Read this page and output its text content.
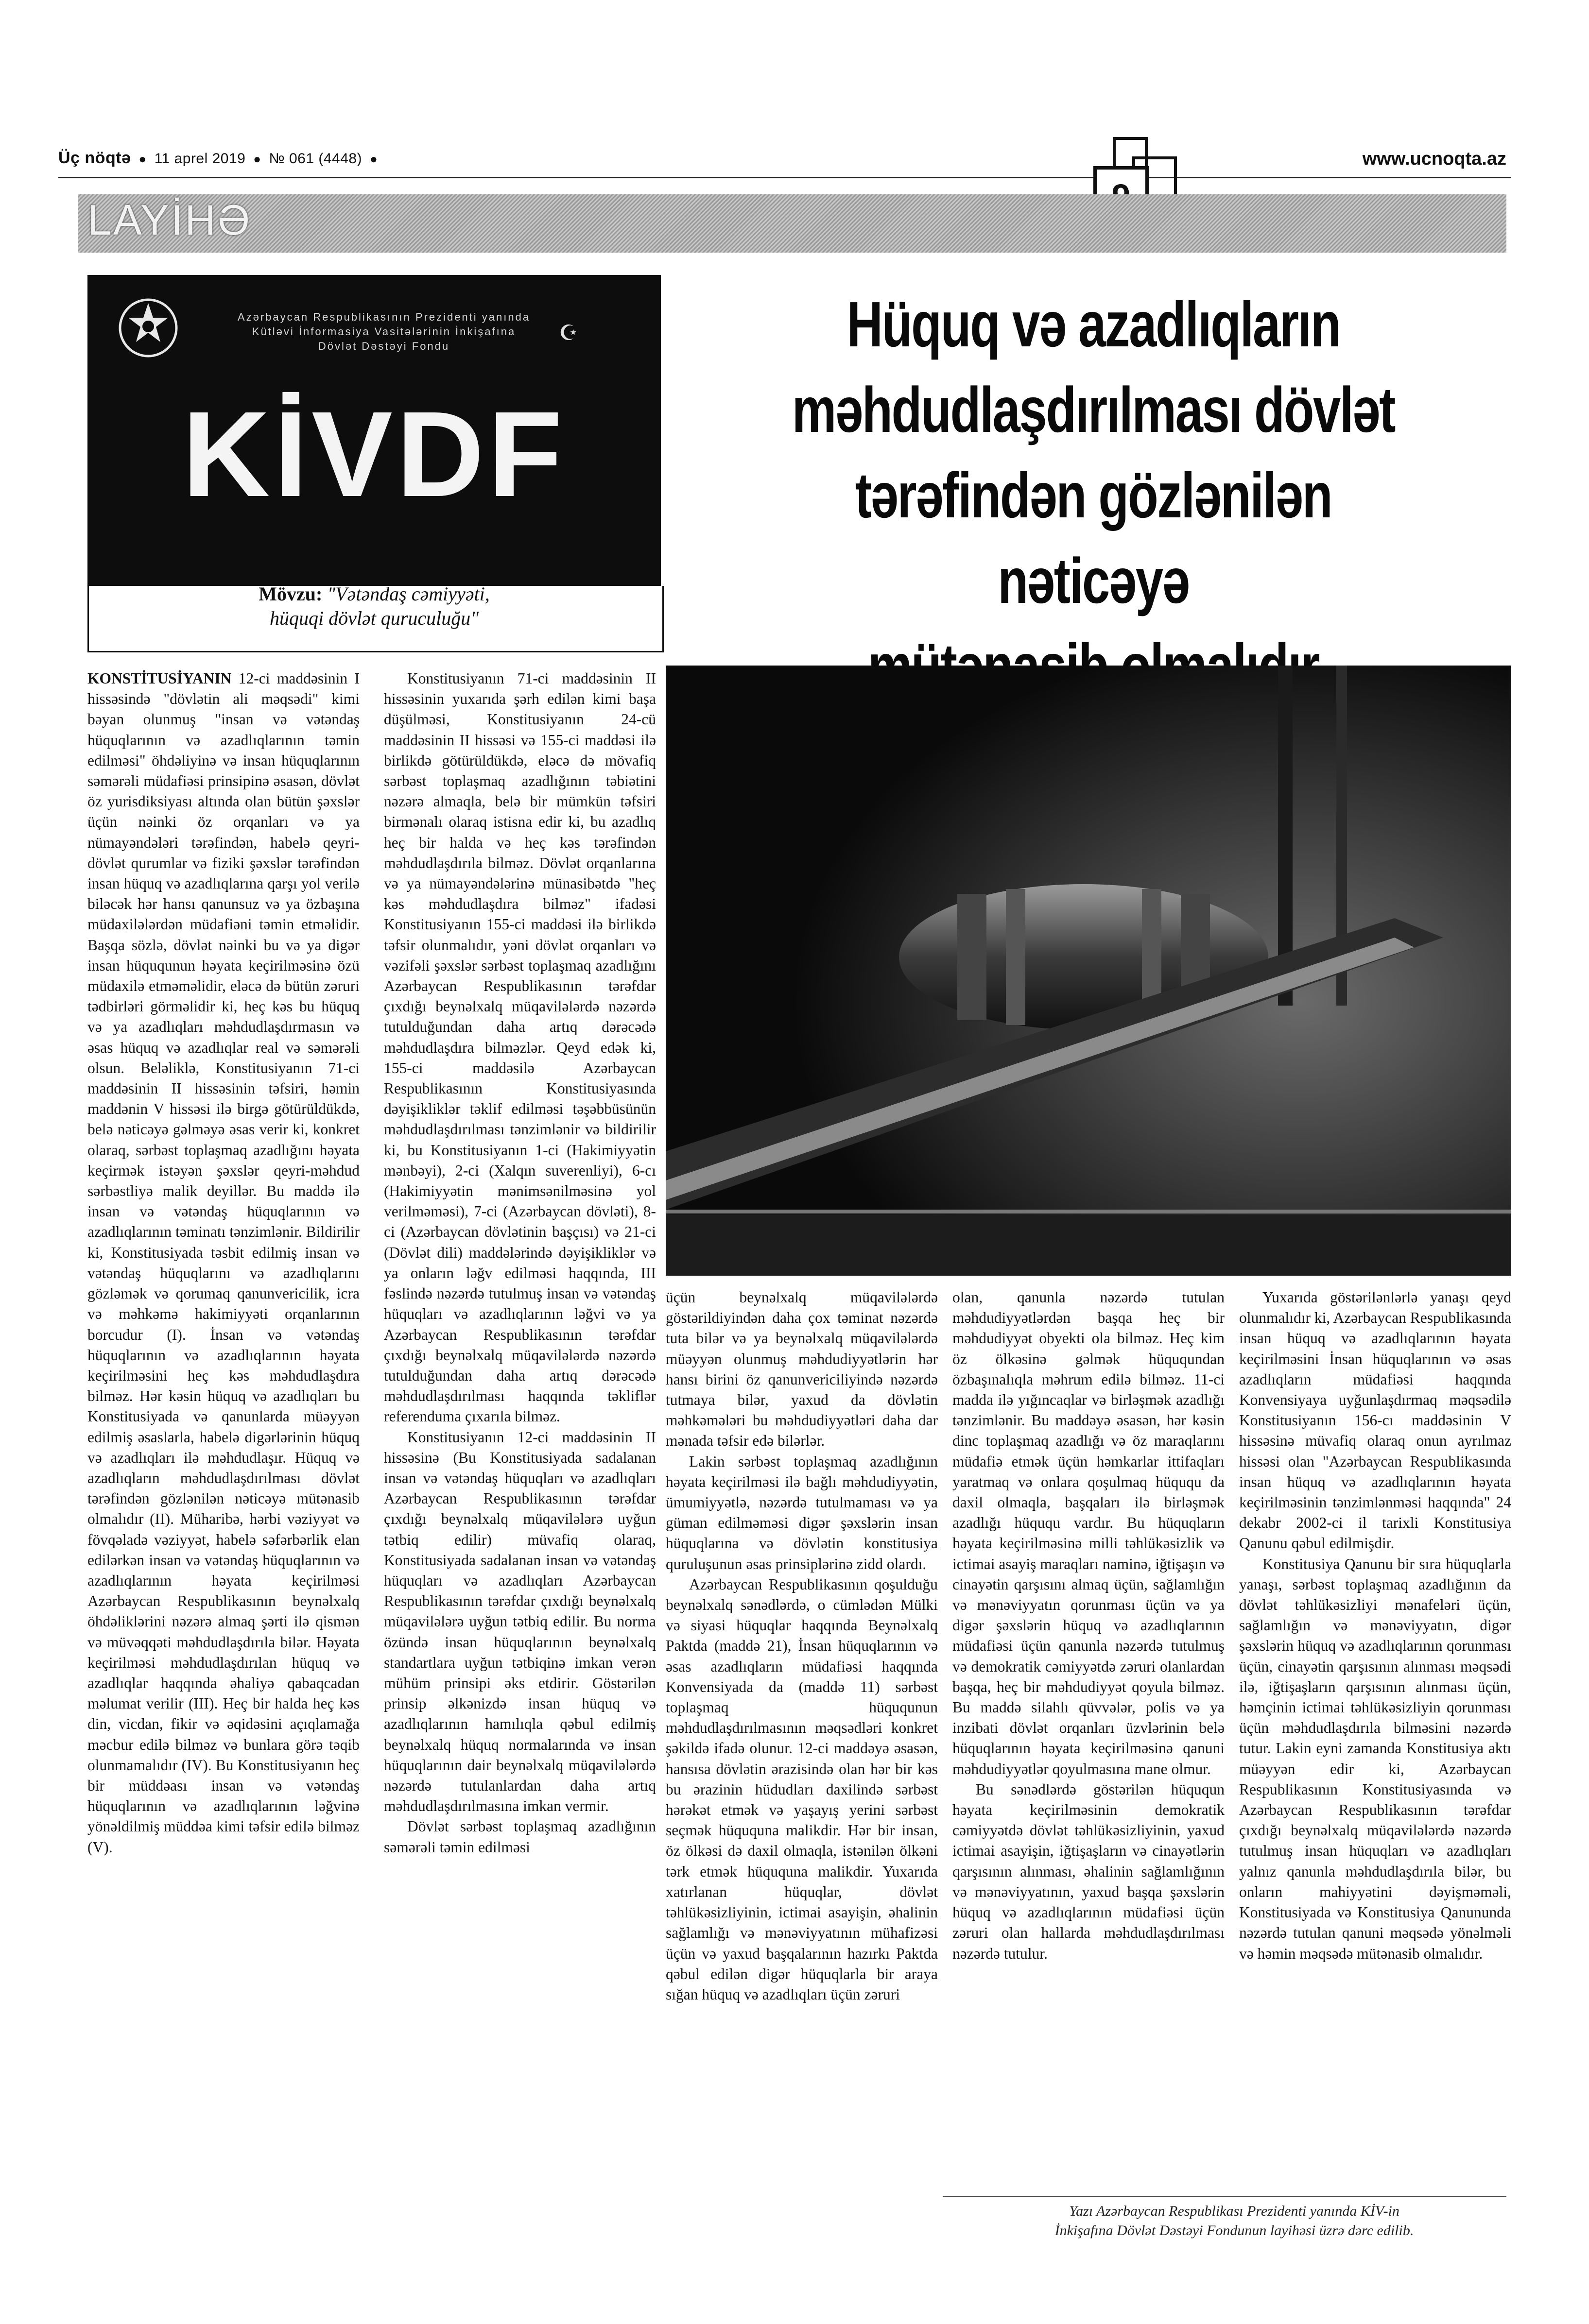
Üç nöqtə ● 11 aprel 2019 ● № 061 (4448) ●	www.ucnoqta.az
LAYİHƏ
Azərbaycan Respublikasının Prezidenti yanında
Kütləvi İnformasiya Vasitələrinin İnkişafına
Dövlət Dəstəyi Fondu
☪
KİVDF
Mövzu: "Vətəndaş cəmiyyəti,
hüquqi dövlət quruculuğu"
Hüquq və azadlıqların
məhdudlaşdırılması dövlət
tərəfindən gözlənilən nəticəyə

KONSTİTUSİYANIN 12-ci maddəsinin I hissəsində "dövlətin ali məqsədi" kimi bəyan olunmuş "insan və vətəndaş hüquqlarının və azadlıqlarının təmin edilməsi" öhdəliyinə və insan hüquqlarının səmərəli müdafiəsi prinsipinə əsasən, dövlət öz yurisdiksiyası altında olan bütün şəxslər üçün nəinki öz orqanları və ya nümayəndələri tərəfindən, habelə qeyri-dövlət qurumlar və fiziki şəxslər tərəfindən insan hüquq və azadlıqlarına qarşı yol verilə biləcək hər hansı qanunsuz və ya özbaşına müdaxilələrdən müdafiəni təmin etməlidir. Başqa sözlə, dövlət nəinki bu və ya digər insan hüququnun həyata keçirilməsinə özü müdaxilə etməməlidir, eləcə də bütün zəruri tədbirləri görməlidir ki, heç kəs bu hüquq və ya azadlıqları məhdudlaşdırmasın və əsas hüquq və azadlıqlar real və səmərəli olsun. Beləliklə, Konstitusiyanın 71-ci maddəsinin II hissəsinin təfsiri, həmin maddənin V hissəsi ilə birgə götürüldükdə, belə nəticəyə gəlməyə əsas verir ki, konkret olaraq, sərbəst toplaşmaq azadlığını həyata keçirmək istəyən şəxslər qeyri-məhdud sərbəstliyə malik deyillər. Bu maddə ilə insan və vətəndaş hüquqlarının və azadlıqlarının təminatı tənzimlənir. Bildirilir ki, Konstitusiyada təsbit edilmiş insan və vətəndaş hüquqlarını və azadlıqlarını gözləmək və qorumaq qanunvericilik, icra və məhkəmə hakimiyyəti orqanlarının borcudur (I). İnsan və vətəndaş hüquqlarının və azadlıqlarının həyata keçirilməsini heç kəs məhdudlaşdıra bilməz. Hər kəsin hüquq və azadlıqları bu Konstitusiyada və qanunlarda müəyyən edilmiş əsaslarla, habelə digərlərinin hüquq və azadlıqları ilə məhdudlaşır. Hüquq və azadlıqların məhdudlaşdırılması dövlət tərəfindən gözlənilən nəticəyə mütənasib olmalıdır (II). Müharibə, hərbi vəziyyət və fövqəladə vəziyyət, habelə səfərbərlik elan edilərkən insan və vətəndaş hüquqlarının və azadlıqlarının həyata keçirilməsi Azərbaycan Respublikasının beynəlxalq öhdəliklərini nəzərə almaq şərti ilə qismən və müvəqqəti məhdudlaşdırıla bilər. Həyata keçirilməsi məhdudlaşdırılan hüquq və azadlıqlar haqqında əhaliyə qabaqcadan məlumat verilir (III). Heç bir halda heç kəs din, vicdan, fikir və əqidəsini açıqlamağa məcbur edilə bilməz və bunlara görə təqib olunmamalıdır (IV). Bu Konstitusiyanın heç bir müddəası insan və vətəndaş hüquqlarının və azadlıqlarının ləğvinə yönəldilmiş müddəa kimi təfsir edilə bilməz (V).

Konstitusiyanın 71-ci maddəsinin II hissəsinin yuxarıda şərh edilən kimi başa düşülməsi, Konstitusiyanın 24-cü maddəsinin II hissəsi və 155-ci maddəsi ilə birlikdə götürüldükdə, eləcə də mövafiq sərbəst toplaşmaq azadlığının təbiətini nəzərə almaqla, belə bir mümkün təfsiri birmənalı olaraq istisna edir ki, bu azadlıq heç bir halda və heç kəs tərəfindən məhdudlaşdırıla bilməz. Dövlət orqanlarına və ya nümayəndələrinə münasibətdə "heç kəs məhdudlaşdıra bilməz" ifadəsi Konstitusiyanın 155-ci maddəsi ilə birlikdə təfsir olunmalıdır, yəni dövlət orqanları və vəzifəli şəxslər sərbəst toplaşmaq azadlığını Azərbaycan Respublikasının tərəfdar çıxdığı beynəlxalq müqavilələrdə nəzərdə tutulduğundan daha artıq dərəcədə məhdudlaşdıra bilməzlər. Qeyd edək ki, 155-ci maddəsilə Azərbaycan Respublikasının Konstitusiyasında dəyişikliklər təklif edilməsi təşəbbüsünün məhdudlaşdırılması tənzimlənir və bildirilir ki, bu Konstitusiyanın 1-ci (Hakimiyyətin mənbəyi), 2-ci (Xalqın suverenliyi), 6-cı (Hakimiyyətin mənimsənilməsinə yol verilməməsi), 7-ci (Azərbaycan dövləti), 8-ci (Azərbaycan dövlətinin başçısı) və 21-ci (Dövlət dili) maddələrində dəyişikliklər və ya onların ləğv edilməsi haqqında, III fəslində nəzərdə tutulmuş insan və vətəndaş hüquqları və azadlıqlarının ləğvi və ya Azərbaycan Respublikasının tərəfdar çıxdığı beynəlxalq müqavilələrdə nəzərdə tutulduğundan daha artıq dərəcədə məhdudlaşdırılması haqqında təkliflər referenduma çıxarıla bilməz.

Konstitusiyanın 12-ci maddəsinin II hissəsinə (Bu Konstitusiyada sadalanan insan və vətəndaş hüquqları və azadlıqları Azərbaycan Respublikasının tərəfdar çıxdığı beynəlxalq müqavilələrə uyğun tətbiq edilir) müvafiq olaraq, Konstitusiyada sadalanan insan və vətəndaş hüquqları və azadlıqları Azərbaycan Respublikasının tərəfdar çıxdığı beynəlxalq müqavilələrə uyğun tətbiq edilir. Bu norma özündə insan hüquqlarının beynəlxalq standartlara uyğun tətbiqinə imkan verən mühüm prinsipi əks etdirir. Göstərilən prinsip əlkənizdə insan hüquq və azadlıqlarının hamılıqla qəbul edilmiş beynəlxalq hüquq normalarında və insan hüquqlarının dair beynəlxalq müqavilələrdə nəzərdə tutulanlardan daha artıq məhdudlaşdırılmasına imkan vermir.

Dövlət sərbəst toplaşmaq azadlığının səmərəli təmin edilməsi

üçün beynəlxalq müqavilələrdə göstərildiyindən daha çox təminat nəzərdə tuta bilər və ya beynəlxalq müqavilələrdə müəyyən olunmuş məhdudiyyətlərin hər hansı birini öz qanunvericiliyində nəzərdə tutmaya bilər, yaxud da dövlətin məhkəmələri bu məhdudiyyətləri daha dar mənada təfsir edə bilərlər.

Lakin sərbəst toplaşmaq azadlığının həyata keçirilməsi ilə bağlı məhdudiyyətin, ümumiyyətlə, nəzərdə tutulmaması və ya güman edilməməsi digər şəxslərin insan hüquqlarına və dövlətin konstitusiya quruluşunun əsas prinsiplərinə zidd olardı.

Azərbaycan Respublikasının qoşulduğu beynəlxalq sənədlərdə, o cümlədən Mülki və siyasi hüquqlar haqqında Beynəlxalq Paktda (maddə 21), İnsan hüquqlarının və əsas azadlıqların müdafiəsi haqqında Konvensiyada da (maddə 11) sərbəst toplaşmaq hüququnun məhdudlaşdırılmasının məqsədləri konkret şəkildə ifadə olunur. 12-ci maddəyə əsasən, hansısa dövlətin ərazisində olan hər bir kəs bu ərazinin hüdudları daxilində sərbəst hərəkət etmək və yaşayış yerini sərbəst seçmək hüququna malikdir. Hər bir insan, öz ölkəsi də daxil olmaqla, istənilən ölkəni tərk etmək hüququna malikdir. Yuxarıda xatırlanan hüquqlar, dövlət təhlükəsizliyinin, ictimai asayişin, əhalinin sağlamlığı və mənəviyyatının mühafizəsi üçün və yaxud başqalarının hazırkı Paktda qəbul edilən digər hüquqlarla bir araya sığan hüquq və azadlıqları üçün zəruri

olan, qanunla nəzərdə tutulan məhdudiyyətlərdən başqa heç bir məhdudiyyət obyekti ola bilməz. Heç kim öz ölkəsinə gəlmək hüququndan özbaşınalıqla məhrum edilə bilməz. 11-ci madda ilə yığıncaqlar və birləşmək azadlığı tənzimlənir. Bu maddəyə əsasən, hər kəsin dinc toplaşmaq azadlığı və öz maraqlarını müdafiə etmək üçün həmkarlar ittifaqları yaratmaq və onlara qoşulmaq hüququ da daxil olmaqla, başqaları ilə birləşmək azadlığı hüququ vardır. Bu hüquqların həyata keçirilməsinə milli təhlükəsizlik və ictimai asayiş maraqları naminə, iğtişaşın və cinayətin qarşısını almaq üçün, sağlamlığın və mənəviyyatın qorunması üçün və ya digər şəxslərin hüquq və azadlıqlarının müdafiəsi üçün qanunla nəzərdə tutulmuş və demokratik cəmiyyətdə zəruri olanlardan başqa, heç bir məhdudiyyət qoyula bilməz. Bu maddə silahlı qüvvələr, polis və ya inzibati dövlət orqanları üzvlərinin belə hüquqlarının həyata keçirilməsinə qanuni məhdudiyyətlər qoyulmasına mane olmur.

Bu sənədlərdə göstərilən hüququn həyata keçirilməsinin demokratik cəmiyyətdə dövlət təhlükəsizliyinin, yaxud ictimai asayişin, iğtişaşların və cinayətlərin qarşısının alınması, əhalinin sağlamlığının və mənəviyyatının, yaxud başqa şəxslərin hüquq və azadlıqlarının müdafiəsi üçün zəruri olan hallarda məhdudlaşdırılması nəzərdə tutulur.

Yuxarıda göstərilənlərlə yanaşı qeyd olunmalıdır ki, Azərbaycan Respublikasında insan hüquq və azadlıqlarının həyata keçirilməsini İnsan hüquqlarının və əsas azadlıqların müdafiəsi haqqında Konvensiyaya uyğunlaşdırmaq məqsədilə Konstitusiyanın 156-cı maddəsinin V hissəsinə müvafiq olaraq onun ayrılmaz hissəsi olan "Azərbaycan Respublikasında insan hüquq və azadlıqlarının həyata keçirilməsinin tənzimlənməsi haqqında" 24 dekabr 2002-ci il tarixli Konstitusiya Qanunu qəbul edilmişdir.

Konstitusiya Qanunu bir sıra hüquqlarla yanaşı, sərbəst toplaşmaq azadlığının da dövlət təhlükəsizliyi mənafeləri üçün, sağlamlığın və mənəviyyatın, digər şəxslərin hüquq və azadlıqlarının qorunması üçün, cinayətin qarşısının alınması məqsədi ilə, iğtişaşların qarşısının alınması üçün, həmçinin ictimai təhlükəsizliyin qorunması üçün məhdudlaşdırıla bilməsini nəzərdə tutur. Lakin eyni zamanda Konstitusiya aktı müəyyən edir ki, Azərbaycan Respublikasının Konstitusiyasında və Azərbaycan Respublikasının tərəfdar çıxdığı beynəlxalq müqavilələrdə nəzərdə tutulmuş insan hüquqları və azadlıqları yalnız qanunla məhdudlaşdırıla bilər, bu onların mahiyyətini dəyişməməli, Konstitusiyada və Konstitusiya Qanununda nəzərdə tutulan qanuni məqsədə yönəlməli və həmin məqsədə mütənasib olmalıdır.

Yazı Azərbaycan Respublikası Prezidenti yanında KİV-in
İnkişafına Dövlət Dəstəyi Fondunun layihəsi üzrə dərc edilib.
